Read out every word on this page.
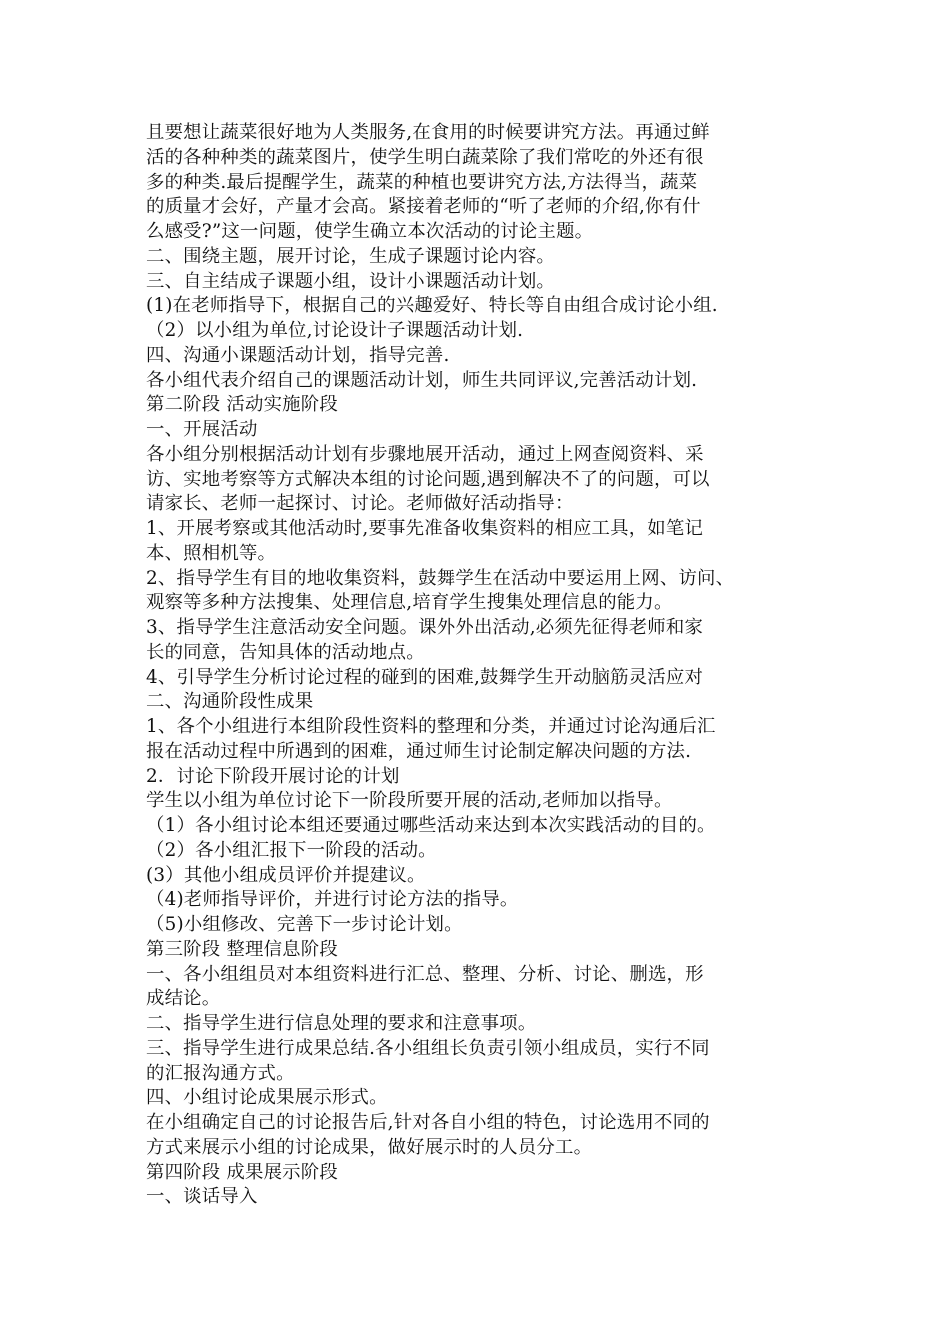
且要想让蔬菜很好地为人类服务,在食用的时候要讲究方法。再通过鲜
活的各种种类的蔬菜图片，使学生明白蔬菜除了我们常吃的外还有很
多的种类.最后提醒学生，蔬菜的种植也要讲究方法,方法得当，蔬菜
的质量才会好，产量才会高。紧接着老师的“听了老师的介绍,你有什
么感受?”这一问题，使学生确立本次活动的讨论主题。
二、围绕主题，展开讨论，生成子课题讨论内容。
三、自主结成子课题小组，设计小课题活动计划。
(1)在老师指导下，根据自己的兴趣爱好、特长等自由组合成讨论小组.
（2）以小组为单位,讨论设计子课题活动计划.
四、沟通小课题活动计划，指导完善.
各小组代表介绍自己的课题活动计划，师生共同评议,完善活动计划.
第二阶段 活动实施阶段
一、开展活动
各小组分别根据活动计划有步骤地展开活动，通过上网查阅资料、采
访、实地考察等方式解决本组的讨论问题,遇到解决不了的问题，可以
请家长、老师一起探讨、讨论。老师做好活动指导：
1、开展考察或其他活动时,要事先准备收集资料的相应工具，如笔记
本、照相机等。
2、指导学生有目的地收集资料，鼓舞学生在活动中要运用上网、访问、
观察等多种方法搜集、处理信息,培育学生搜集处理信息的能力。
3、指导学生注意活动安全问题。课外外出活动,必须先征得老师和家
长的同意，告知具体的活动地点。
4、引导学生分析讨论过程的碰到的困难,鼓舞学生开动脑筋灵活应对
二、沟通阶段性成果
1、各个小组进行本组阶段性资料的整理和分类，并通过讨论沟通后汇
报在活动过程中所遇到的困难，通过师生讨论制定解决问题的方法.
2．讨论下阶段开展讨论的计划
学生以小组为单位讨论下一阶段所要开展的活动,老师加以指导。
（1）各小组讨论本组还要通过哪些活动来达到本次实践活动的目的。
（2）各小组汇报下一阶段的活动。
(3）其他小组成员评价并提建议。
（4)老师指导评价，并进行讨论方法的指导。
（5)小组修改、完善下一步讨论计划。
第三阶段 整理信息阶段
一、各小组组员对本组资料进行汇总、整理、分析、讨论、删选，形
成结论。
二、指导学生进行信息处理的要求和注意事项。
三、指导学生进行成果总结.各小组组长负责引领小组成员，实行不同
的汇报沟通方式。
四、小组讨论成果展示形式。
在小组确定自己的讨论报告后,针对各自小组的特色，讨论选用不同的
方式来展示小组的讨论成果，做好展示时的人员分工。
第四阶段 成果展示阶段
一、谈话导入
